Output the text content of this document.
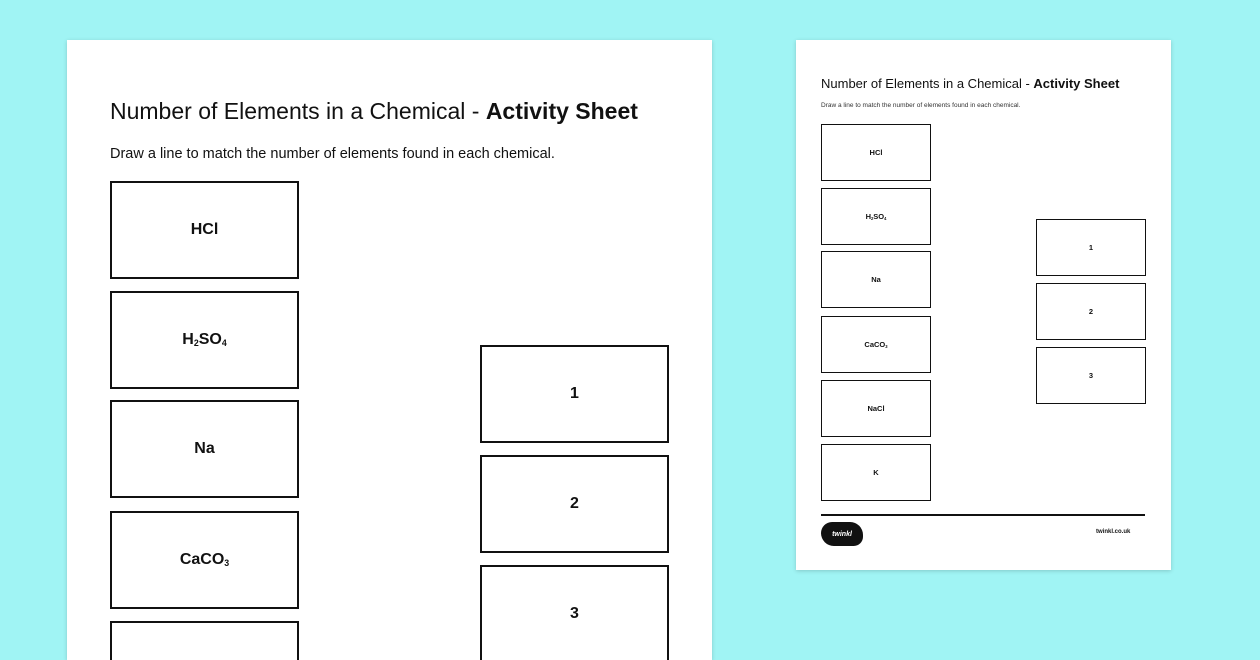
Number of Elements in a Chemical - Activity Sheet
Draw a line to match the number of elements found in each chemical.
HCl
$H_2SO_4$
Na
CaCO$_3$
1
2
3
Number of Elements in a Chemical - Activity Sheet
Draw a line to match the number of elements found in each chemical.
HCl
$H_2SO_4$
Na
CaCO$_3$
NaCl
K
1
2
3
twinkl	twinkl.co.uk
